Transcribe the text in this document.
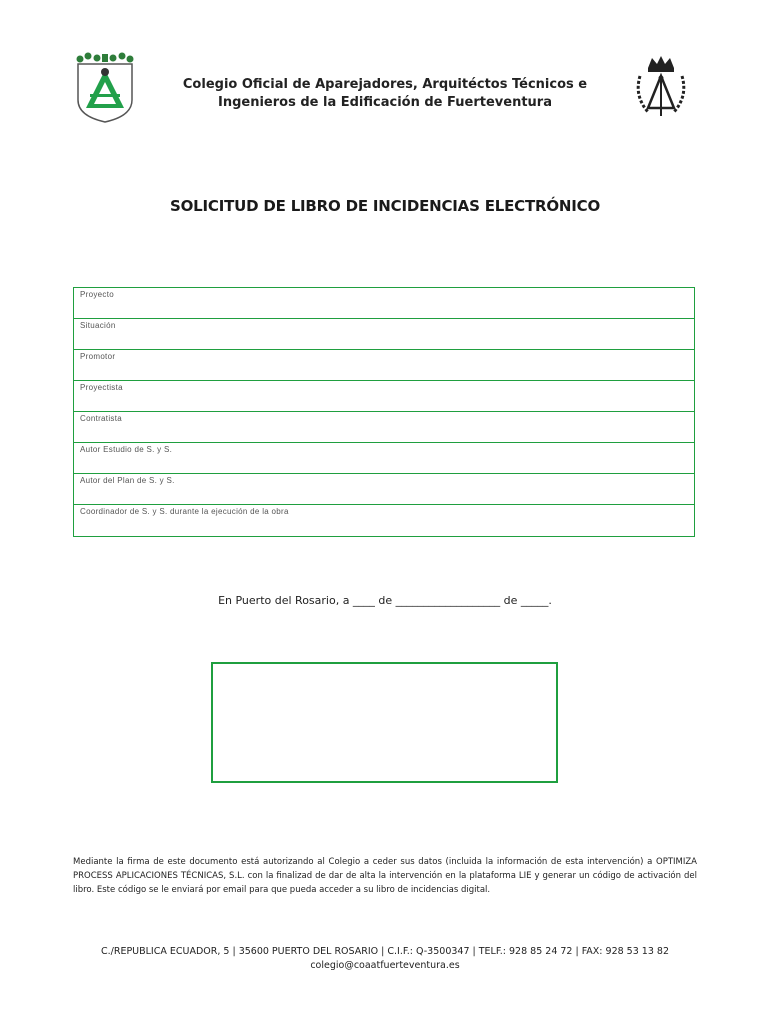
Colegio Oficial de Aparejadores, Arquitéctos Técnicos e
Ingenieros de la Edificación de Fuerteventura
SOLICITUD DE LIBRO DE INCIDENCIAS ELECTRÓNICO
Proyecto
Situación
Promotor
Proyectista
Contratista
Autor Estudio de S. y S.
Autor del Plan de S. y S.
Coordinador de S. y S. durante la ejecución de la obra
En Puerto del Rosario, a ____ de ___________________ de _____.
Mediante la firma de este documento está autorizando al Colegio a ceder sus datos (incluida la información de esta intervención) a OPTIMIZA PROCESS APLICACIONES TÉCNICAS, S.L. con la finalizad de dar de alta la intervención en la plataforma LIE y generar un código de activación del libro. Este código se le enviará por email para que pueda acceder a su libro de incidencias digital.
C./REPUBLICA ECUADOR, 5 | 35600 PUERTO DEL ROSARIO | C.I.F.: Q-3500347 | TELF.: 928 85 24 72 | FAX: 928 53 13 82
colegio@coaatfuerteventura.es
